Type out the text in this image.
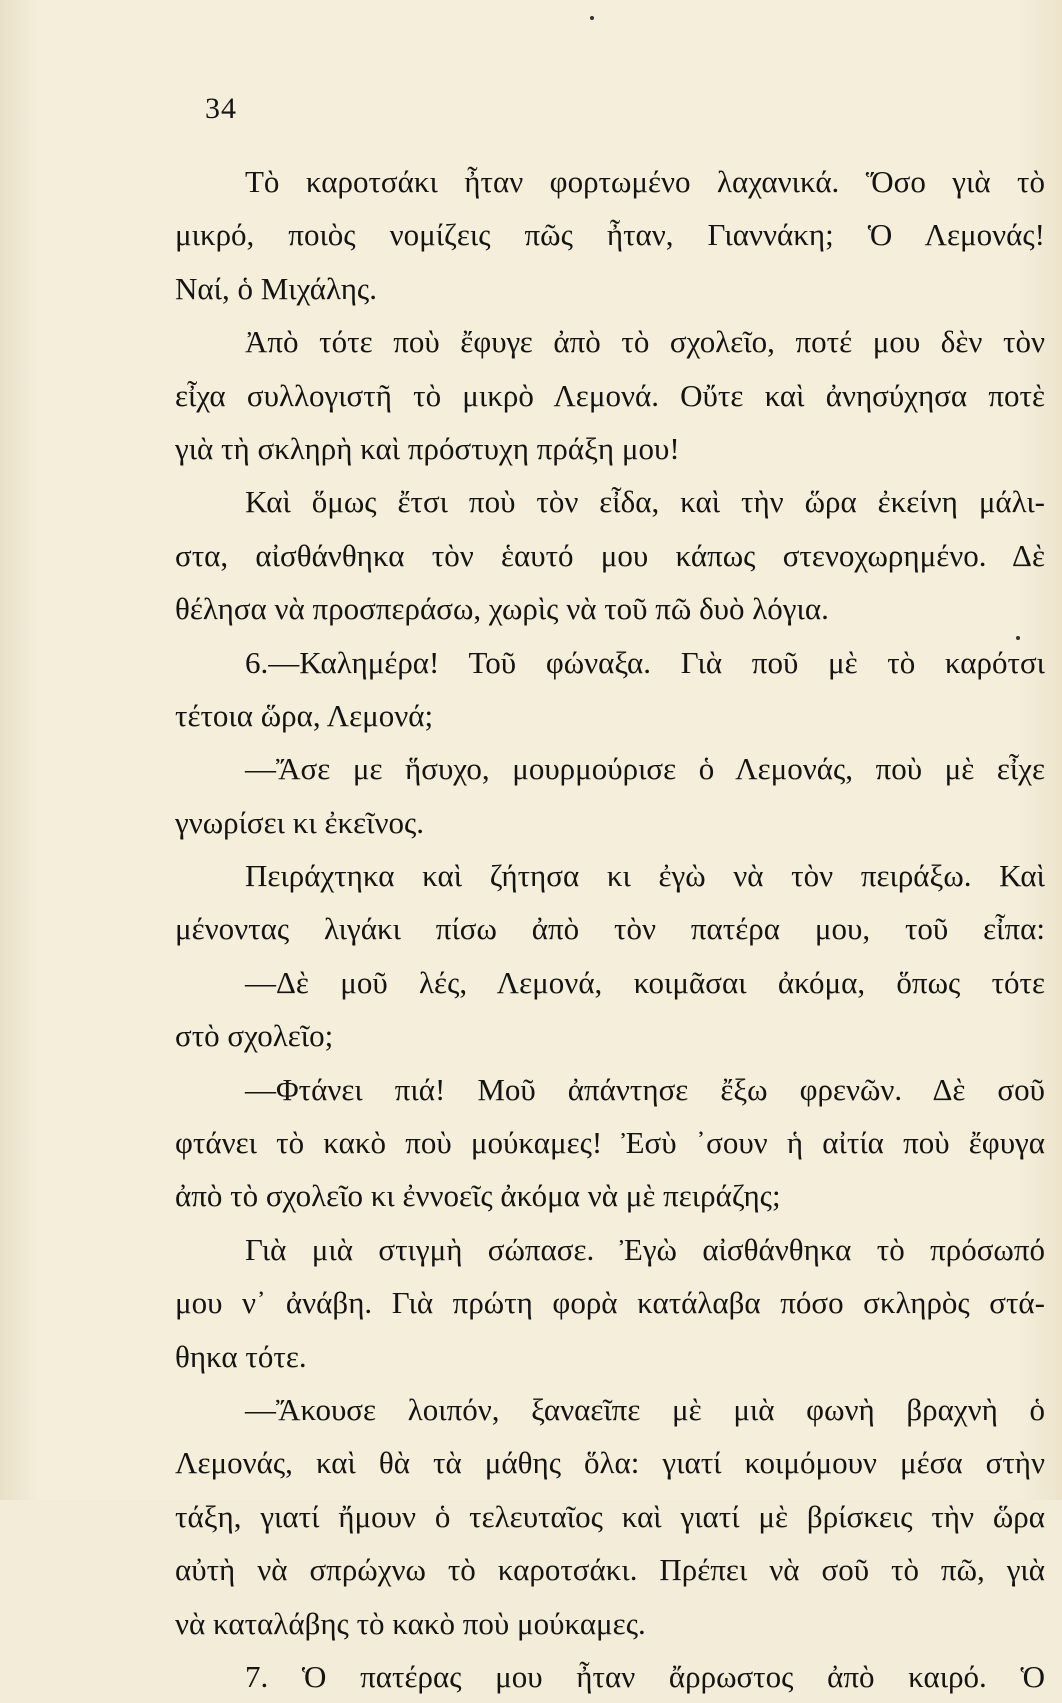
34
Τὸ καροτσάκι ἦταν φορτωμένο λαχανικά. Ὅσο γιὰ τὸ
μικρό, ποιὸς νομίζεις πῶς ἦταν, Γιαννάκη; Ὁ Λεμονάς!
Ναί, ὁ Μιχάλης.
Ἀπὸ τότε ποὺ ἔφυγε ἀπὸ τὸ σχολεῖο, ποτέ μου δὲν τὸν
εἶχα συλλογιστῆ τὸ μικρὸ Λεμονά. Οὔτε καὶ ἀνησύχησα ποτὲ
γιὰ τὴ σκληρὴ καὶ πρόστυχη πράξη μου!
Καὶ ὅμως ἔτσι ποὺ τὸν εἶδα, καὶ τὴν ὥρα ἐκείνη μάλι-
στα, αἰσθάνθηκα τὸν ἑαυτό μου κάπως στενοχωρημένο. Δὲ
θέλησα νὰ προσπεράσω, χωρὶς νὰ τοῦ πῶ δυὸ λόγια.
6.—Καλημέρα! Τοῦ φώναξα. Γιὰ ποῦ μὲ τὸ καρότσι
τέτοια ὥρα, Λεμονά;
—Ἄσε με ἥσυχο, μουρμούρισε ὁ Λεμονάς, ποὺ μὲ εἶχε
γνωρίσει κι ἐκεῖνος.
Πειράχτηκα καὶ ζήτησα κι ἐγὼ νὰ τὸν πειράξω. Καὶ
μένοντας λιγάκι πίσω ἀπὸ τὸν πατέρα μου, τοῦ εἶπα:
—Δὲ μοῦ λές, Λεμονά, κοιμᾶσαι ἀκόμα, ὅπως τότε
στὸ σχολεῖο;
—Φτάνει πιά! Μοῦ ἀπάντησε ἔξω φρενῶν. Δὲ σοῦ
φτάνει τὸ κακὸ ποὺ μούκαμες! Ἐσὺ ᾽σουν ἡ αἰτία ποὺ ἔφυγα
ἀπὸ τὸ σχολεῖο κι ἐννοεῖς ἀκόμα νὰ μὲ πειράζης;
Γιὰ μιὰ στιγμὴ σώπασε. Ἐγὼ αἰσθάνθηκα τὸ πρόσωπό
μου ν᾽ ἀνάβη. Γιὰ πρώτη φορὰ κατάλαβα πόσο σκληρὸς στά-
θηκα τότε.
—Ἄκουσε λοιπόν, ξαναεῖπε μὲ μιὰ φωνὴ βραχνὴ ὁ
Λεμονάς, καὶ θὰ τὰ μάθης ὅλα: γιατί κοιμόμουν μέσα στὴν
τάξη, γιατί ἤμουν ὁ τελευταῖος καὶ γιατί μὲ βρίσκεις τὴν ὥρα
αὐτὴ νὰ σπρώχνω τὸ καροτσάκι. Πρέπει νὰ σοῦ τὸ πῶ, γιὰ
νὰ καταλάβης τὸ κακὸ ποὺ μούκαμες.
7. Ὁ πατέρας μου ἦταν ἄρρωστος ἀπὸ καιρό. Ὁ
